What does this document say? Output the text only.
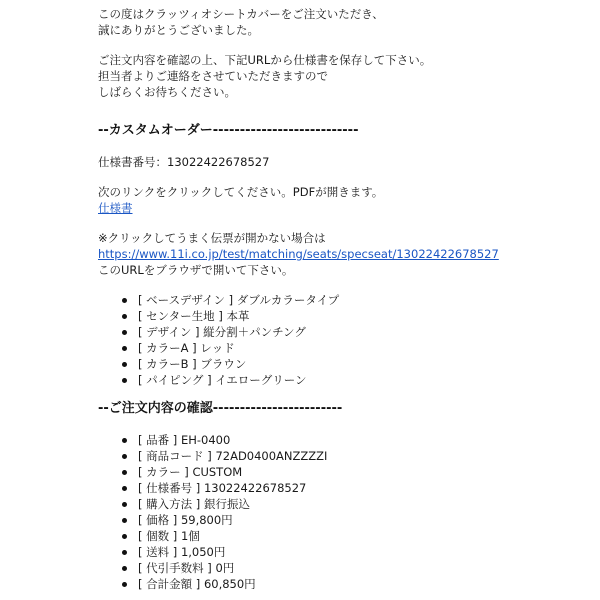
この度はクラッツィオシートカバーをご注文いただき、
誠にありがとうございました。

ご注文内容を確認の上、下記URLから仕様書を保存して下さい。
担当者よりご連絡をさせていただきますので
しばらくお待ちください。

--カスタムオーダー---------------------------

仕様書番号：13022422678527

次のリンクをクリックしてください。PDFが開きます。
仕様書

※クリックしてうまく伝票が開かない場合は
https://www.11i.co.jp/test/matching/seats/specseat/13022422678527
このURLをブラウザで開いて下さい。

[ ベースデザイン ] ダブルカラータイプ
[ センター生地 ] 本革
[ デザイン ] 縦分割＋パンチング
[ カラーA ] レッド
[ カラーB ] ブラウン
[ パイピング ] イエローグリーン
--ご注文内容の確認------------------------
[ 品番 ] EH-0400
[ 商品コード ] 72AD0400ANZZZZI
[ カラー ] CUSTOM
[ 仕様番号 ] 13022422678527
[ 購入方法 ] 銀行振込
[ 価格 ] 59,800円
[ 個数 ] 1個
[ 送料 ] 1,050円
[ 代引手数料 ] 0円
[ 合計金額 ] 60,850円
